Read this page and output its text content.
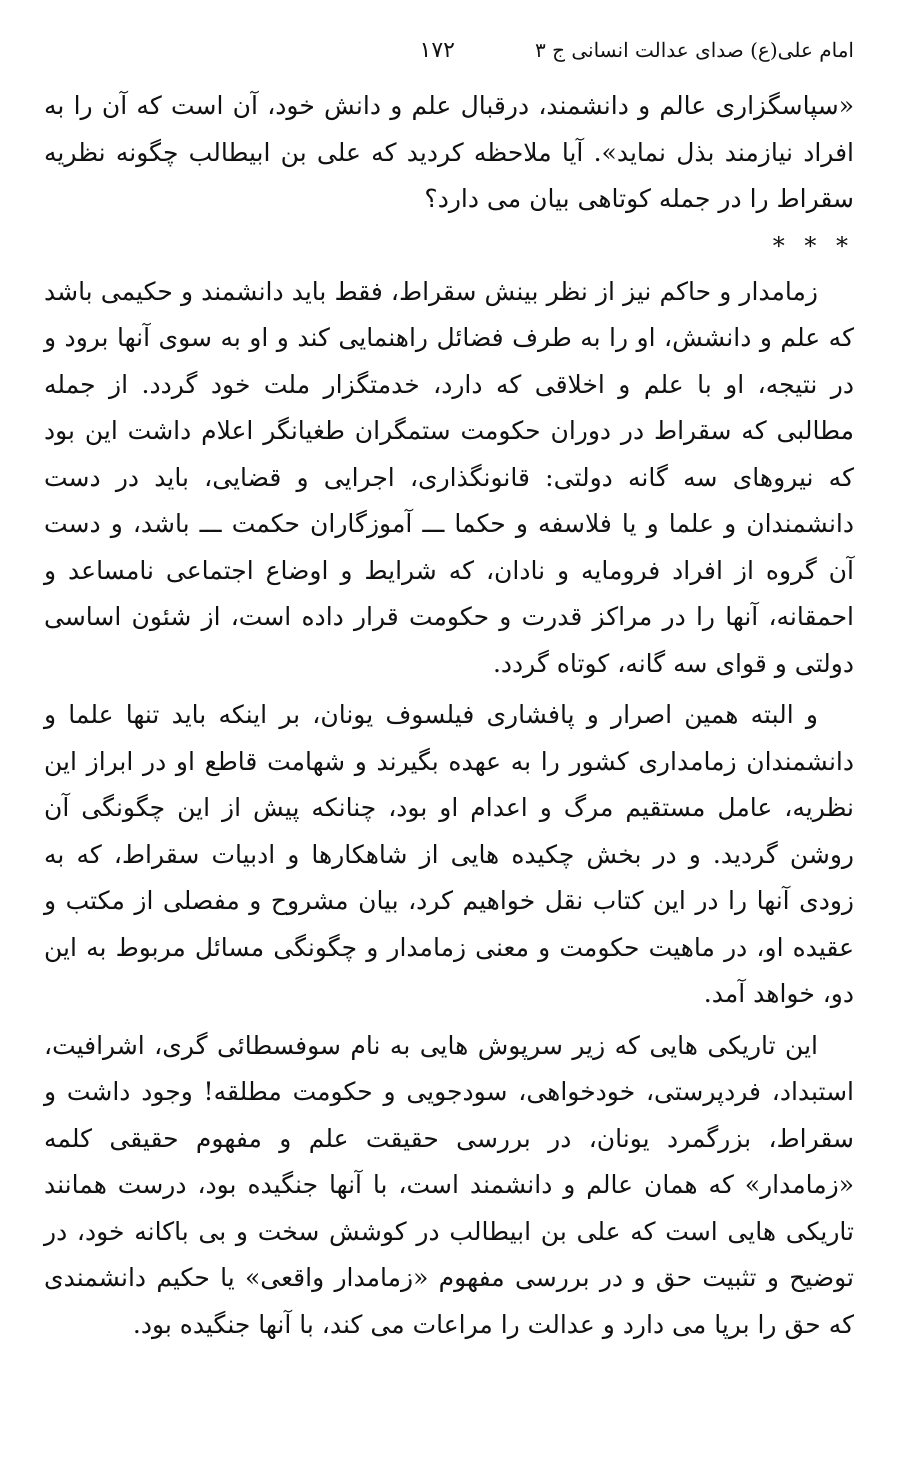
امام علی(ع) صدای عدالت انسانی ج ۳
۱۷۲

«سپاسگزاری عالم و دانشمند، درقبال علم و دانش خود، آن است که آن را به افراد نیازمند بذل نماید». آیا ملاحظه کردید که علی بن ابیطالب چگونه نظریه سقراط را در جمله کوتاهی بیان می دارد؟

* * *

زمامدار و حاکم نیز از نظر بینش سقراط، فقط باید دانشمند و حکیمی باشد که علم و دانشش، او را به طرف فضائل راهنمایی کند و او به سوی آنها برود و در نتیجه، او با علم و اخلاقی که دارد، خدمتگزار ملت خود گردد. از جمله مطالبی که سقراط در دوران حکومت ستمگران طغیانگر اعلام داشت این بود که نیروهای سه گانه دولتی: قانونگذاری، اجرایی و قضایی، باید در دست دانشمندان و علما و یا فلاسفه و حکما ـــ آموزگاران حکمت ـــ باشد، و دست آن گروه از افراد فرومایه و نادان، که شرایط و اوضاع اجتماعی نامساعد و احمقانه، آنها را در مراکز قدرت و حکومت قرار داده است، از شئون اساسی دولتی و قوای سه گانه، کوتاه گردد.

و البته همین اصرار و پافشاری فیلسوف یونان، بر اینکه باید تنها علما و دانشمندان زمامداری کشور را به عهده بگیرند و شهامت قاطع او در ابراز این نظریه، عامل مستقیم مرگ و اعدام او بود، چنانکه پیش از این چگونگی آن روشن گردید. و در بخش چکیده هایی از شاهکارها و ادبیات سقراط، که به زودی آنها را در این کتاب نقل خواهیم کرد، بیان مشروح و مفصلی از مکتب و عقیده او، در ماهیت حکومت و معنی زمامدار و چگونگی مسائل مربوط به این دو، خواهد آمد.

این تاریکی هایی که زیر سرپوش هایی به نام سوفسطائی گری، اشرافیت، استبداد، فردپرستی، خودخواهی، سودجویی و حکومت مطلقه! وجود داشت و سقراط، بزرگمرد یونان، در بررسی حقیقت علم و مفهوم حقیقی کلمه «زمامدار» که همان عالم و دانشمند است، با آنها جنگیده بود، درست همانند تاریکی هایی است که علی بن ابیطالب در کوشش سخت و بی باکانه خود، در توضیح و تثبیت حق و در بررسی مفهوم «زمامدار واقعی» یا حکیم دانشمندی که حق را برپا می دارد و عدالت را مراعات می کند، با آنها جنگیده بود.
